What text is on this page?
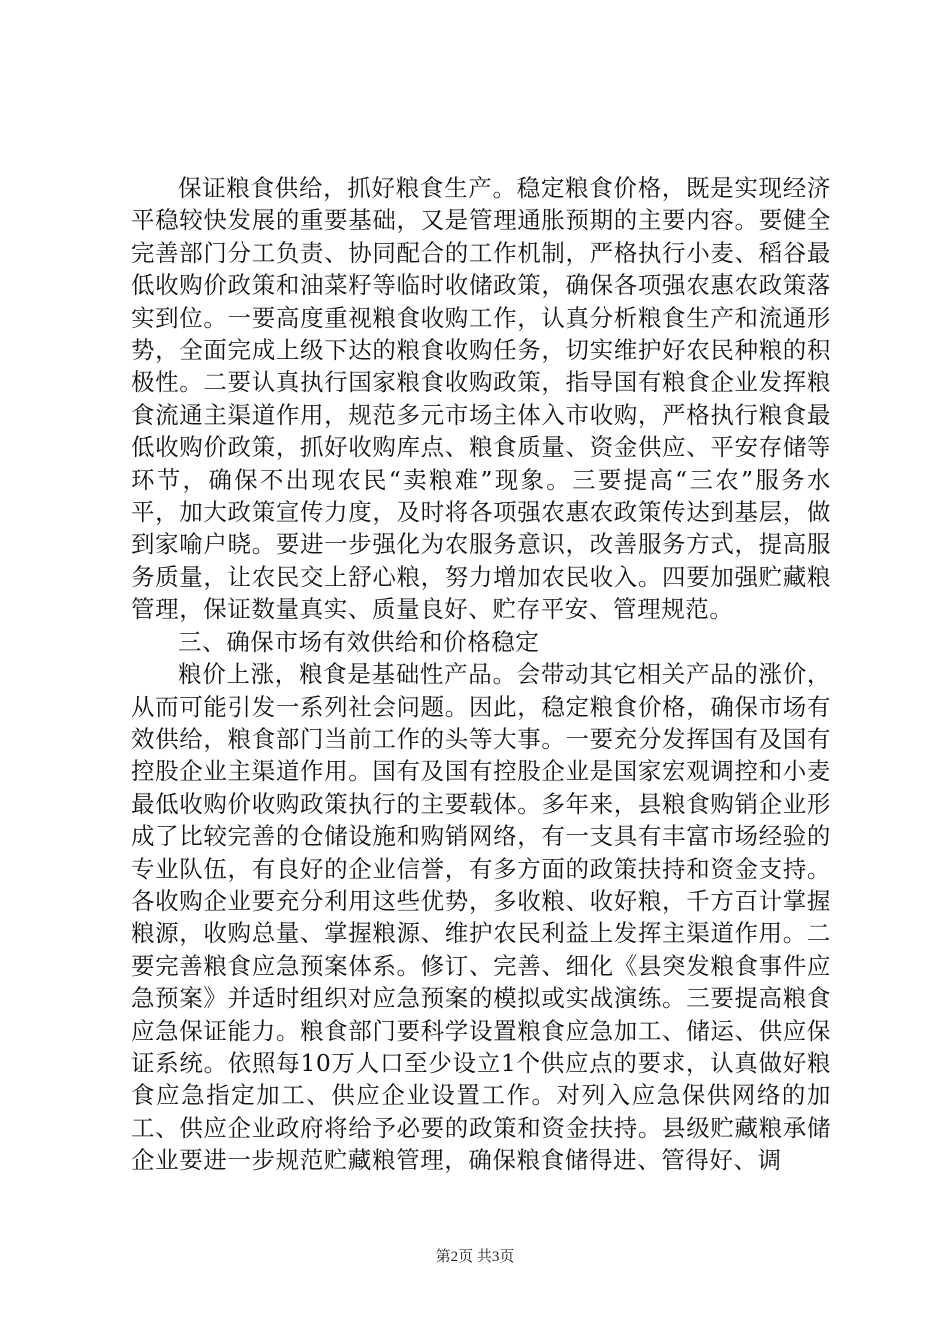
保证粮食供给，抓好粮食生产。稳定粮食价格，既是实现经济平稳较快发展的重要基础，又是管理通胀预期的主要内容。要健全完善部门分工负责、协同配合的工作机制，严格执行小麦、稻谷最低收购价政策和油菜籽等临时收储政策，确保各项强农惠农政策落实到位。一要高度重视粮食收购工作，认真分析粮食生产和流通形势，全面完成上级下达的粮食收购任务，切实维护好农民种粮的积极性。二要认真执行国家粮食收购政策，指导国有粮食企业发挥粮食流通主渠道作用，规范多元市场主体入市收购，严格执行粮食最低收购价政策，抓好收购库点、粮食质量、资金供应、平安存储等环节，确保不出现农民“卖粮难”现象。三要提高“三农”服务水平，加大政策宣传力度，及时将各项强农惠农政策传达到基层，做到家喻户晓。要进一步强化为农服务意识，改善服务方式，提高服务质量，让农民交上舒心粮，努力增加农民收入。四要加强贮藏粮管理，保证数量真实、质量良好、贮存平安、管理规范。

三、确保市场有效供给和价格稳定

粮价上涨，粮食是基础性产品。会带动其它相关产品的涨价，从而可能引发一系列社会问题。因此，稳定粮食价格，确保市场有效供给，粮食部门当前工作的头等大事。一要充分发挥国有及国有控股企业主渠道作用。国有及国有控股企业是国家宏观调控和小麦最低收购价收购政策执行的主要载体。多年来，县粮食购销企业形成了比较完善的仓储设施和购销网络，有一支具有丰富市场经验的专业队伍，有良好的企业信誉，有多方面的政策扶持和资金支持。各收购企业要充分利用这些优势，多收粮、收好粮，千方百计掌握粮源，收购总量、掌握粮源、维护农民利益上发挥主渠道作用。二要完善粮食应急预案体系。修订、完善、细化《县突发粮食事件应急预案》并适时组织对应急预案的模拟或实战演练。三要提高粮食应急保证能力。粮食部门要科学设置粮食应急加工、储运、供应保证系统。依照每10万人口至少设立1个供应点的要求，认真做好粮食应急指定加工、供应企业设置工作。对列入应急保供网络的加工、供应企业政府将给予必要的政策和资金扶持。县级贮藏粮承储企业要进一步规范贮藏粮管理，确保粮食储得进、管得好、调

第2页 共3页
